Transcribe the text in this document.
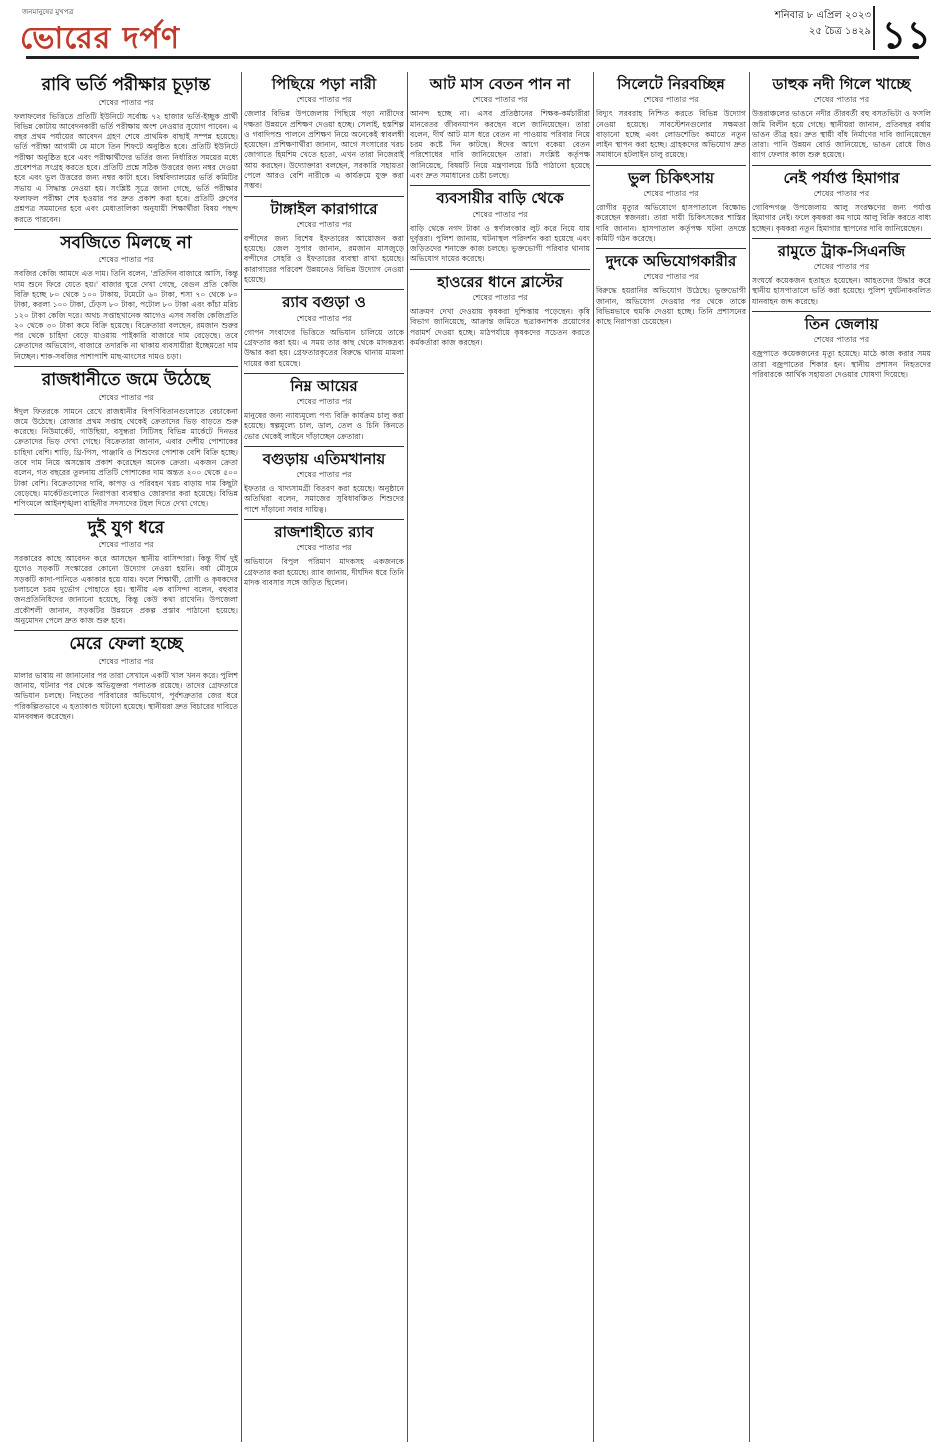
জনমানুষের মুখপত্র
ভোরের দর্পণ
শনিবার ৮ এপ্রিল ২০২৩
২৫ চৈত্র ১৪২৯ ১১
রাবি ভর্তি পরীক্ষার চূড়ান্ত
শেষের পাতার পর

ফলাফলের ভিত্তিতে প্রতিটি ইউনিটে সর্বোচ্চ ৭২ হাজার ভর্তি-ইচ্ছুক প্রার্থী বিভিন্ন কোটায় আবেদনকারী ভর্তি পরীক্ষায় অংশ নেওয়ার সুযোগ পাবেন। এ বছর প্রথম পর্যায়ের আবেদন গ্রহণ শেষে প্রাথমিক বাছাই সম্পন্ন হয়েছে। ভর্তি পরীক্ষা আগামী মে মাসে তিন শিফটে অনুষ্ঠিত হবে। প্রতিটি ইউনিটে পরীক্ষা অনুষ্ঠিত হবে এবং পরীক্ষার্থীদের ভর্তির জন্য নির্ধারিত সময়ের মধ্যে প্রবেশপত্র সংগ্রহ করতে হবে। প্রতিটি প্রশ্নে সঠিক উত্তরের জন্য নম্বর দেওয়া হবে এবং ভুল উত্তরের জন্য নম্বর কাটা হবে। বিশ্ববিদ্যালয়ের ভর্তি কমিটির সভায় এ সিদ্ধান্ত নেওয়া হয়। সংশ্লিষ্ট সূত্রে জানা গেছে, ভর্তি পরীক্ষার ফলাফল পরীক্ষা শেষ হওয়ার পর দ্রুত প্রকাশ করা হবে। প্রতিটি গ্রুপের প্রশ্নপত্র সমমানের হবে এবং মেধাতালিকা অনুযায়ী শিক্ষার্থীরা বিষয় পছন্দ করতে পারবেন।

সবজিতে মিলছে না
শেষের পাতার পর

সবজির কেজি আমদে এত দাম। তিনি বলেন, 'প্রতিদিন বাজারে আসি, কিন্তু দাম শুনে ফিরে যেতে হয়।' বাজার ঘুরে দেখা গেছে, বেগুন প্রতি কেজি বিক্রি হচ্ছে ৮০ থেকে ১০০ টাকায়, টমেটো ৬০ টাকা, শসা ৭০ থেকে ৮০ টাকা, করলা ১০০ টাকা, ঢেঁড়স ৮০ টাকা, পটোল ৮০ টাকা এবং কাঁচা মরিচ ১২০ টাকা কেজি দরে। অথচ সপ্তাহখানেক আগেও এসব সবজি কেজিপ্রতি ২০ থেকে ৩০ টাকা কমে বিক্রি হয়েছে। বিক্রেতারা বলছেন, রমজান শুরুর পর থেকে চাহিদা বেড়ে যাওয়ায় পাইকারি বাজারে দাম বেড়েছে। তবে ক্রেতাদের অভিযোগ, বাজারে তদারকি না থাকায় ব্যবসায়ীরা ইচ্ছেমতো দাম নিচ্ছেন। শাক-সবজির পাশাপাশি মাছ-মাংসের দামও চড়া।

রাজধানীতে জমে উঠেছে
শেষের পাতার পর

ঈদুল ফিতরকে সামনে রেখে রাজধানীর বিপণিবিতানগুলোতে বেচাকেনা জমে উঠেছে। রোজার প্রথম সপ্তাহ থেকেই ক্রেতাদের ভিড় বাড়তে শুরু করেছে। নিউমার্কেট, গাউছিয়া, বসুন্ধরা সিটিসহ বিভিন্ন মার্কেটে দিনভর ক্রেতাদের ভিড় দেখা গেছে। বিক্রেতারা জানান, এবার দেশীয় পোশাকের চাহিদা বেশি। শাড়ি, থ্রি-পিস, পাঞ্জাবি ও শিশুদের পোশাক বেশি বিক্রি হচ্ছে। তবে দাম নিয়ে অসন্তোষ প্রকাশ করেছেন অনেক ক্রেতা। একজন ক্রেতা বলেন, গত বছরের তুলনায় প্রতিটি পোশাকের দাম অন্তত ২০০ থেকে ৫০০ টাকা বেশি। বিক্রেতাদের দাবি, কাপড় ও পরিবহন খরচ বাড়ায় দাম কিছুটা বেড়েছে। মার্কেটগুলোতে নিরাপত্তা ব্যবস্থাও জোরদার করা হয়েছে। বিভিন্ন শপিংমলে আইনশৃঙ্খলা বাহিনীর সদস্যদের টহল দিতে দেখা গেছে।

দুই যুগ ধরে
শেষের পাতার পর

সরকারের কাছে আবেদন করে আসছেন স্থানীয় বাসিন্দারা। কিন্তু দীর্ঘ দুই যুগেও সড়কটি সংস্কারের কোনো উদ্যোগ নেওয়া হয়নি। বর্ষা মৌসুমে সড়কটি কাদা-পানিতে একাকার হয়ে যায়। ফলে শিক্ষার্থী, রোগী ও কৃষকদের চলাচলে চরম দুর্ভোগ পোহাতে হয়। স্থানীয় এক বাসিন্দা বলেন, বহুবার জনপ্রতিনিধিদের জানানো হয়েছে, কিন্তু কেউ কথা রাখেনি। উপজেলা প্রকৌশলী জানান, সড়কটির উন্নয়নে প্রকল্প প্রস্তাব পাঠানো হয়েছে। অনুমোদন পেলে দ্রুত কাজ শুরু হবে।

মেরে ফেলা হচ্ছে
শেষের পাতার পর

মালার ভাষায় না জানানোর পর তারা সেখানে একটি খাল খনন করে। পুলিশ জানায়, ঘটনার পর থেকে অভিযুক্তরা পলাতক রয়েছে। তাদের গ্রেফতারে অভিযান চলছে। নিহতের পরিবারের অভিযোগ, পূর্বশত্রুতার জের ধরে পরিকল্পিতভাবে এ হত্যাকাণ্ড ঘটানো হয়েছে। স্থানীয়রা দ্রুত বিচারের দাবিতে মানববন্ধন করেছেন।

পিছিয়ে পড়া নারী
শেষের পাতার পর

জেলার বিভিন্ন উপজেলায় পিছিয়ে পড়া নারীদের দক্ষতা উন্নয়নে প্রশিক্ষণ দেওয়া হচ্ছে। সেলাই, হস্তশিল্প ও গবাদিপশু পালনে প্রশিক্ষণ নিয়ে অনেকেই স্বাবলম্বী হয়েছেন। প্রশিক্ষণার্থীরা জানান, আগে সংসারের খরচ জোগাতে হিমশিম খেতে হতো, এখন তারা নিজেরাই আয় করছেন। উদ্যোক্তারা বলছেন, সরকারি সহায়তা পেলে আরও বেশি নারীকে এ কার্যক্রমে যুক্ত করা সম্ভব।

টাঙ্গাইল কারাগারে
শেষের পাতার পর

বন্দীদের জন্য বিশেষ ইফতারের আয়োজন করা হয়েছে। জেল সুপার জানান, রমজান মাসজুড়ে বন্দীদের সেহরি ও ইফতারের ব্যবস্থা রাখা হয়েছে। কারাগারের পরিবেশ উন্নয়নেও বিভিন্ন উদ্যোগ নেওয়া হয়েছে।

র‌্যাব বগুড়া ও
শেষের পাতার পর

গোপন সংবাদের ভিত্তিতে অভিযান চালিয়ে তাকে গ্রেফতার করা হয়। এ সময় তার কাছ থেকে মাদকদ্রব্য উদ্ধার করা হয়। গ্রেফতারকৃতের বিরুদ্ধে থানায় মামলা দায়ের করা হয়েছে।

নিম্ন আয়ের
শেষের পাতার পর

মানুষের জন্য ন্যায্যমূল্যে পণ্য বিক্রি কার্যক্রম চালু করা হয়েছে। স্বল্পমূল্যে চাল, ডাল, তেল ও চিনি কিনতে ভোর থেকেই লাইনে দাঁড়াচ্ছেন ক্রেতারা।

বগুড়ায় এতিমখানায়
শেষের পাতার পর

ইফতার ও খাদ্যসামগ্রী বিতরণ করা হয়েছে। অনুষ্ঠানে অতিথিরা বলেন, সমাজের সুবিধাবঞ্চিত শিশুদের পাশে দাঁড়ানো সবার দায়িত্ব।

রাজশাহীতে র‌্যাব
শেষের পাতার পর

অভিযানে বিপুল পরিমাণ মাদকসহ একজনকে গ্রেফতার করা হয়েছে। র‌্যাব জানায়, দীর্ঘদিন ধরে তিনি মাদক ব্যবসার সঙ্গে জড়িত ছিলেন।

আট মাস বেতন পান না
শেষের পাতার পর

আনন্দ হচ্ছে না। এসব প্রতিষ্ঠানের শিক্ষক-কর্মচারীরা মানবেতর জীবনযাপন করছেন বলে জানিয়েছেন। তারা বলেন, দীর্ঘ আট মাস ধরে বেতন না পাওয়ায় পরিবার নিয়ে চরম কষ্টে দিন কাটছে। ঈদের আগে বকেয়া বেতন পরিশোধের দাবি জানিয়েছেন তারা। সংশ্লিষ্ট কর্তৃপক্ষ জানিয়েছে, বিষয়টি নিয়ে মন্ত্রণালয়ে চিঠি পাঠানো হয়েছে এবং দ্রুত সমাধানের চেষ্টা চলছে।

ব্যবসায়ীর বাড়ি থেকে
শেষের পাতার পর

বাড়ি থেকে নগদ টাকা ও স্বর্ণালংকার লুট করে নিয়ে যায় দুর্বৃত্তরা। পুলিশ জানায়, ঘটনাস্থল পরিদর্শন করা হয়েছে এবং জড়িতদের শনাক্তে কাজ চলছে। ভুক্তভোগী পরিবার থানায় অভিযোগ দায়ের করেছে।

হাওরের ধানে ব্লাস্টের
শেষের পাতার পর

আক্রমণ দেখা দেওয়ায় কৃষকরা দুশ্চিন্তায় পড়েছেন। কৃষি বিভাগ জানিয়েছে, আক্রান্ত জমিতে ছত্রাকনাশক প্রয়োগের পরামর্শ দেওয়া হচ্ছে। মাঠপর্যায়ে কৃষকদের সচেতন করতে কর্মকর্তারা কাজ করছেন।

সিলেটে নিরবচ্ছিন্ন
শেষের পাতার পর

বিদ্যুৎ সরবরাহ নিশ্চিত করতে বিভিন্ন উদ্যোগ নেওয়া হয়েছে। সাবস্টেশনগুলোর সক্ষমতা বাড়ানো হচ্ছে এবং লোডশেডিং কমাতে নতুন লাইন স্থাপন করা হচ্ছে। গ্রাহকদের অভিযোগ দ্রুত সমাধানে হটলাইন চালু রয়েছে।

ভুল চিকিৎসায়
শেষের পাতার পর

রোগীর মৃত্যুর অভিযোগে হাসপাতালে বিক্ষোভ করেছেন স্বজনরা। তারা দায়ী চিকিৎসকের শাস্তির দাবি জানান। হাসপাতাল কর্তৃপক্ষ ঘটনা তদন্তে কমিটি গঠন করেছে।

দুদকে অভিযোগকারীর
শেষের পাতার পর

বিরুদ্ধে হয়রানির অভিযোগ উঠেছে। ভুক্তভোগী জানান, অভিযোগ দেওয়ার পর থেকে তাকে বিভিন্নভাবে হুমকি দেওয়া হচ্ছে। তিনি প্রশাসনের কাছে নিরাপত্তা চেয়েছেন।

ডাহুক নদী গিলে খাচ্ছে
শেষের পাতার পর

উত্তরাঞ্চলের ভাঙনে নদীর তীরবর্তী বহু বসতভিটা ও ফসলি জমি বিলীন হয়ে গেছে। স্থানীয়রা জানান, প্রতিবছর বর্ষায় ভাঙন তীব্র হয়। দ্রুত স্থায়ী বাঁধ নির্মাণের দাবি জানিয়েছেন তারা। পানি উন্নয়ন বোর্ড জানিয়েছে, ভাঙন রোধে জিও ব্যাগ ফেলার কাজ শুরু হয়েছে।

নেই পর্যাপ্ত হিমাগার
শেষের পাতার পর

গোবিন্দগঞ্জ উপজেলায় আলু সংরক্ষণের জন্য পর্যাপ্ত হিমাগার নেই। ফলে কৃষকরা কম দামে আলু বিক্রি করতে বাধ্য হচ্ছেন। কৃষকরা নতুন হিমাগার স্থাপনের দাবি জানিয়েছেন।

রামুতে ট্রাক-সিএনজি
শেষের পাতার পর

সংঘর্ষে কয়েকজন হতাহত হয়েছেন। আহতদের উদ্ধার করে স্থানীয় হাসপাতালে ভর্তি করা হয়েছে। পুলিশ দুর্ঘটনাকবলিত যানবাহন জব্দ করেছে।

তিন জেলায়
শেষের পাতার পর

বজ্রপাতে কয়েকজনের মৃত্যু হয়েছে। মাঠে কাজ করার সময় তারা বজ্রপাতের শিকার হন। স্থানীয় প্রশাসন নিহতদের পরিবারকে আর্থিক সহায়তা দেওয়ার ঘোষণা দিয়েছে।
